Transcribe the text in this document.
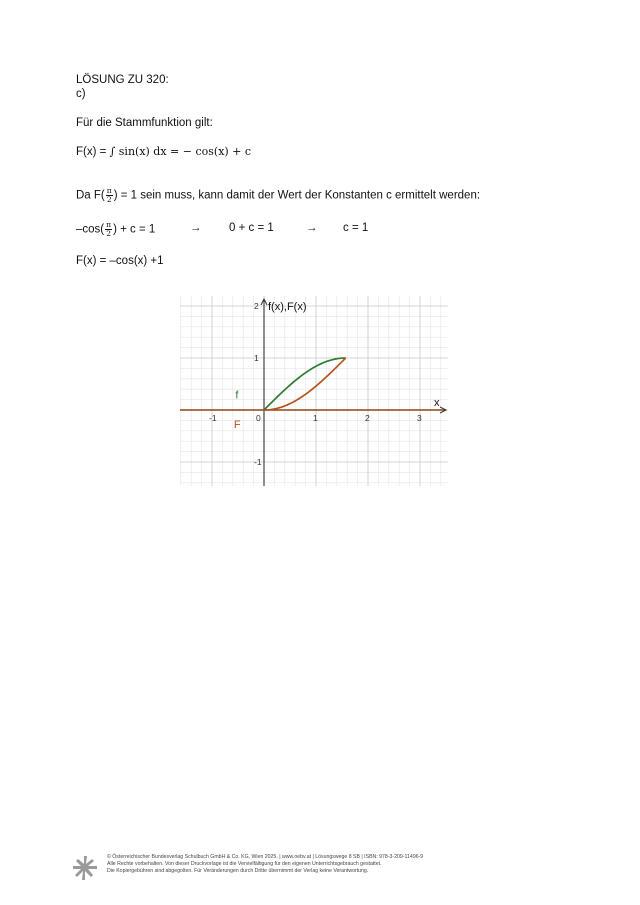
LÖSUNG ZU 320:
c)
Für die Stammfunktion gilt:
F(x) = ∫ sin(x) dx = − cos(x) + c
Da $F( \frac{\pi}{2}$ ) = 1 sein muss, kann damit der Wert der Konstanten c ermittelt werden:
$-\cos( \frac{\pi}{2}$ ) + c = 1	→ 0 + c = 1	→ c = 1
F(x) = –cos(x) +1
-1	0	1	2	3
-1
1
2
x
f(x),F(x)
f
F
© Österreichischer Bundesverlag Schulbuch GmbH & Co. KG, Wien 2025. | www.oebv.at | Lösungswege 8 SB | ISBN: 978-3-209-11496-9
Alle Rechte vorbehalten. Von dieser Druckvorlage ist die Vervielfältigung für den eigenen Unterrichtsgebrauch gestattet.
Die Kopiergebühren sind abgegolten. Für Veränderungen durch Dritte übernimmt der Verlag keine Verantwortung.
